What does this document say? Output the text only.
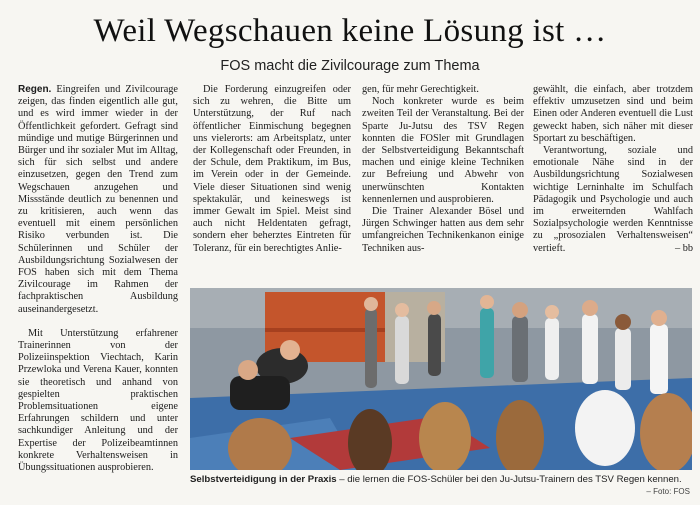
Weil Wegschauen keine Lösung ist …
FOS macht die Zivilcourage zum Thema

Regen. Eingreifen und Zivilcourage zeigen, das finden eigentlich alle gut, und es wird immer wieder in der Öffentlichkeit gefordert. Gefragt sind mündige und mutige Bürgerinnen und Bürger und ihr sozialer Mut im Alltag, sich für sich selbst und andere einzusetzen, gegen den Trend zum Wegschauen anzugehen und Missstände deutlich zu benennen und zu kritisieren, auch wenn das eventuell mit einem persönlichen Risiko verbunden ist. Die Schülerinnen und Schüler der Ausbildungsrichtung Sozialwesen der FOS haben sich mit dem Thema Zivilcourage im Rahmen der fachpraktischen Ausbildung auseinandergesetzt.

Mit Unterstützung erfahrener Trainerinnen von der Polizeiinspektion Viechtach, Karin Przewloka und Verena Kauer, konnten sie theoretisch und anhand von gespielten praktischen Problemsituationen eigene Erfahrungen schildern und unter sachkundiger Anleitung und der Expertise der Polizeibeamtinnen konkrete Verhaltensweisen in Übungssituationen ausprobieren.

Die Forderung einzugreifen oder sich zu wehren, die Bitte um Unterstützung, der Ruf nach öffentlicher Einmischung begegnen uns vielerorts: am Arbeitsplatz, unter der Kollegenschaft oder Freunden, in der Schule, dem Praktikum, im Bus, im Verein oder in der Gemeinde. Viele dieser Situationen sind wenig spektakulär, und keineswegs ist immer Gewalt im Spiel. Meist sind auch nicht Heldentaten gefragt, sondern eher beherztes Eintreten für Toleranz, für ein berechtigtes Anlie-

gen, für mehr Gerechtigkeit.

Noch konkreter wurde es beim zweiten Teil der Veranstaltung. Bei der Sparte Ju-Jutsu des TSV Regen konnten die FOSler mit Grundlagen der Selbstverteidigung Bekanntschaft machen und einige kleine Techniken zur Befreiung und Abwehr von unerwünschten Kontakten kennenlernen und ausprobieren.

Die Trainer Alexander Bösel und Jürgen Schwinger hatten aus dem sehr umfangreichen Technikenkanon einige Techniken aus-

gewählt, die einfach, aber trotzdem effektiv umzusetzen sind und beim Einen oder Anderen eventuell die Lust geweckt haben, sich näher mit dieser Sportart zu beschäftigen.

Verantwortung, soziale und emotionale Nähe sind in der Ausbildungsrichtung Sozialwesen wichtige Lerninhalte im Schulfach Pädagogik und Psychologie und auch im erweiternden Wahlfach Sozialpsychologie werden Kenntnisse zu „prosozialen Verhaltensweisen“ vertieft.	– bb

Selbstverteidigung in der Praxis – die lernen die FOS-Schüler bei den Ju-Jutsu-Trainern des TSV Regen kennen.
– Foto: FOS
